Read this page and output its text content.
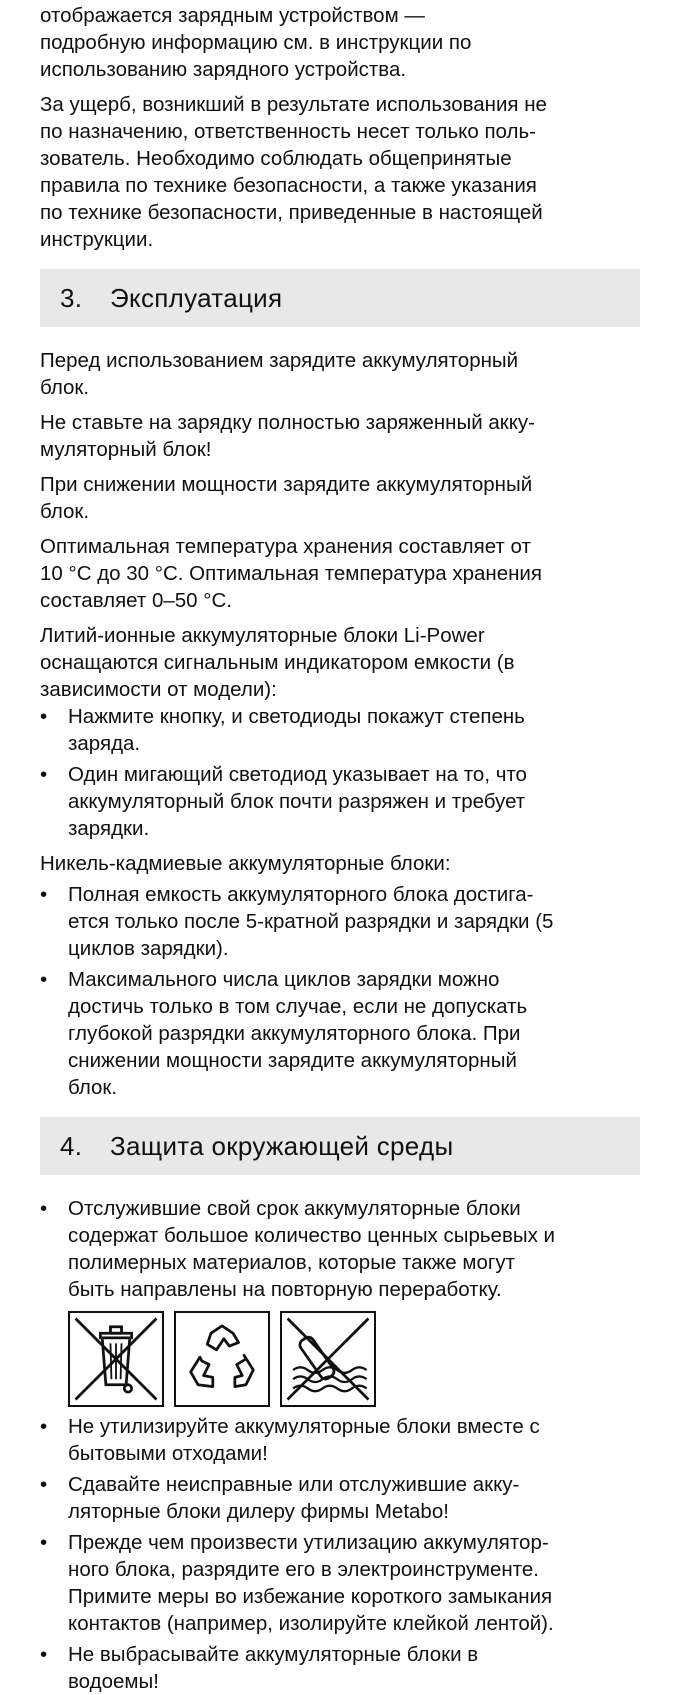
отображается зарядным устройством —
подробную информацию см. в инструкции по
использованию зарядного устройства.
За ущерб, возникший в результате использования не
по назначению, ответственность несет только поль-
зователь. Необходимо соблюдать общепринятые
правила по технике безопасности, а также указания
по технике безопасности, приведенные в настоящей
инструкции.
3.	Эксплуатация
Перед использованием зарядите аккумуляторный
блок.
Не ставьте на зарядку полностью заряженный акку-
муляторный блок!
При снижении мощности зарядите аккумуляторный
блок.
Оптимальная температура хранения составляет от
10 °C до 30 °C. Оптимальная температура хранения
составляет 0–50 °C.
Литий-ионные аккумуляторные блоки Li-Power
оснащаются сигнальным индикатором емкости (в
зависимости от модели):
• Нажмите кнопку, и светодиоды покажут степень
заряда.
• Один мигающий светодиод указывает на то, что
аккумуляторный блок почти разряжен и требует
зарядки.
Никель-кадмиевые аккумуляторные блоки:
• Полная емкость аккумуляторного блока достига-
ется только после 5-кратной разрядки и зарядки (5
циклов зарядки).
• Максимального числа циклов зарядки можно
достичь только в том случае, если не допускать
глубокой разрядки аккумуляторного блока. При
снижении мощности зарядите аккумуляторный
блок.
4.	Защита окружающей среды
• Отслужившие свой срок аккумуляторные блоки
содержат большое количество ценных сырьевых и
полимерных материалов, которые также могут
быть направлены на повторную переработку.
• Не утилизируйте аккумуляторные блоки вместе с
бытовыми отходами!
• Сдавайте неисправные или отслужившие акку-
ляторные блоки дилеру фирмы Metabo!
• Прежде чем произвести утилизацию аккумулятор-
ного блока, разрядите его в электроинструменте.
Примите меры во избежание короткого замыкания
контактов (например, изолируйте клейкой лентой).
• Не выбрасывайте аккумуляторные блоки в
водоемы!
